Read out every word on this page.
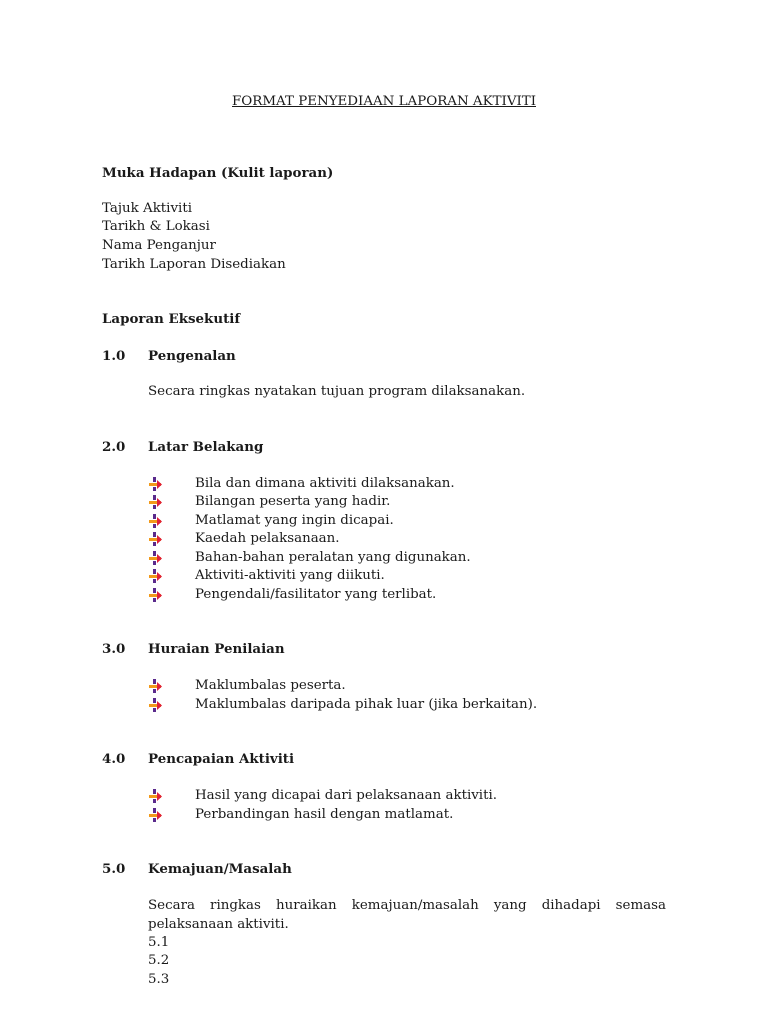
FORMAT PENYEDIAAN LAPORAN AKTIVITI
Muka Hadapan (Kulit laporan)
Tajuk Aktiviti
Tarikh & Lokasi
Nama Penganjur
Tarikh Laporan Disediakan
Laporan Eksekutif
1.0 Pengenalan
Secara ringkas nyatakan tujuan program dilaksanakan.
2.0 Latar Belakang
Bila dan dimana aktiviti dilaksanakan.
Bilangan peserta yang hadir.
Matlamat yang ingin dicapai.
Kaedah pelaksanaan.
Bahan-bahan peralatan yang digunakan.
Aktiviti-aktiviti yang diikuti.
Pengendali/fasilitator yang terlibat.
3.0 Huraian Penilaian
Maklumbalas peserta.
Maklumbalas daripada pihak luar (jika berkaitan).
4.0 Pencapaian Aktiviti
Hasil yang dicapai dari pelaksanaan aktiviti.
Perbandingan hasil dengan matlamat.
5.0 Kemajuan/Masalah
Secara ringkas huraikan kemajuan/masalah yang dihadapi semasa
pelaksanaan aktiviti.
5.1
5.2
5.3
